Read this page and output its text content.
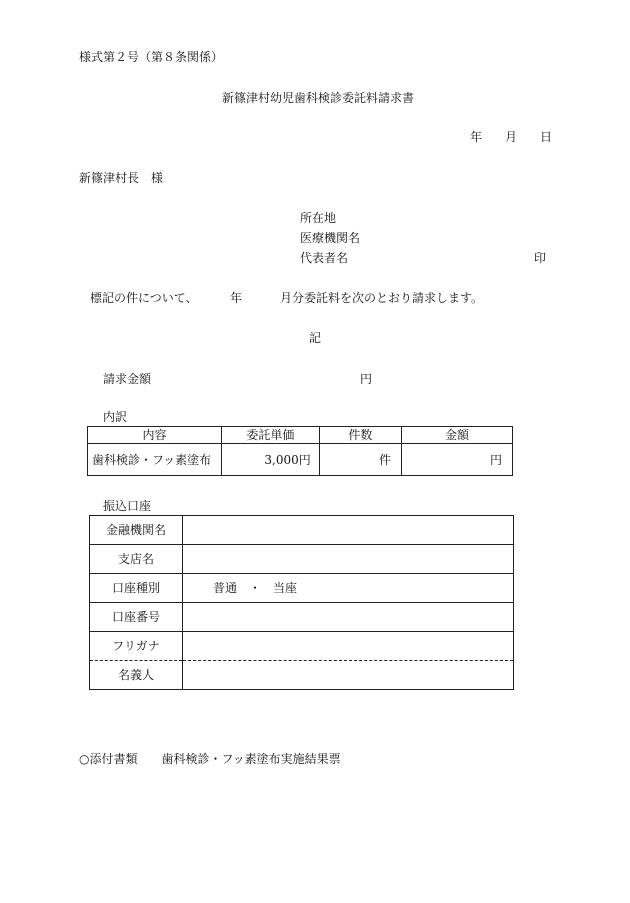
様式第２号（第８条関係）
新篠津村幼児歯科検診委託料請求書
年 月 日
新篠津村長　様
所在地
医療機関名
代表者名	印
標記の件について、	年	月分委託料を次のとおり請求します。
記
請求金額	円
内訳
内容	委託単価	件数	金額
歯科検診・フッ素塗布	3,000円	件	円
振込口座
金融機関名	
支店名	
口座種別	普通　・　当座
口座番号	
フリガナ	
名義人	
○添付書類　　歯科検診・フッ素塗布実施結果票
